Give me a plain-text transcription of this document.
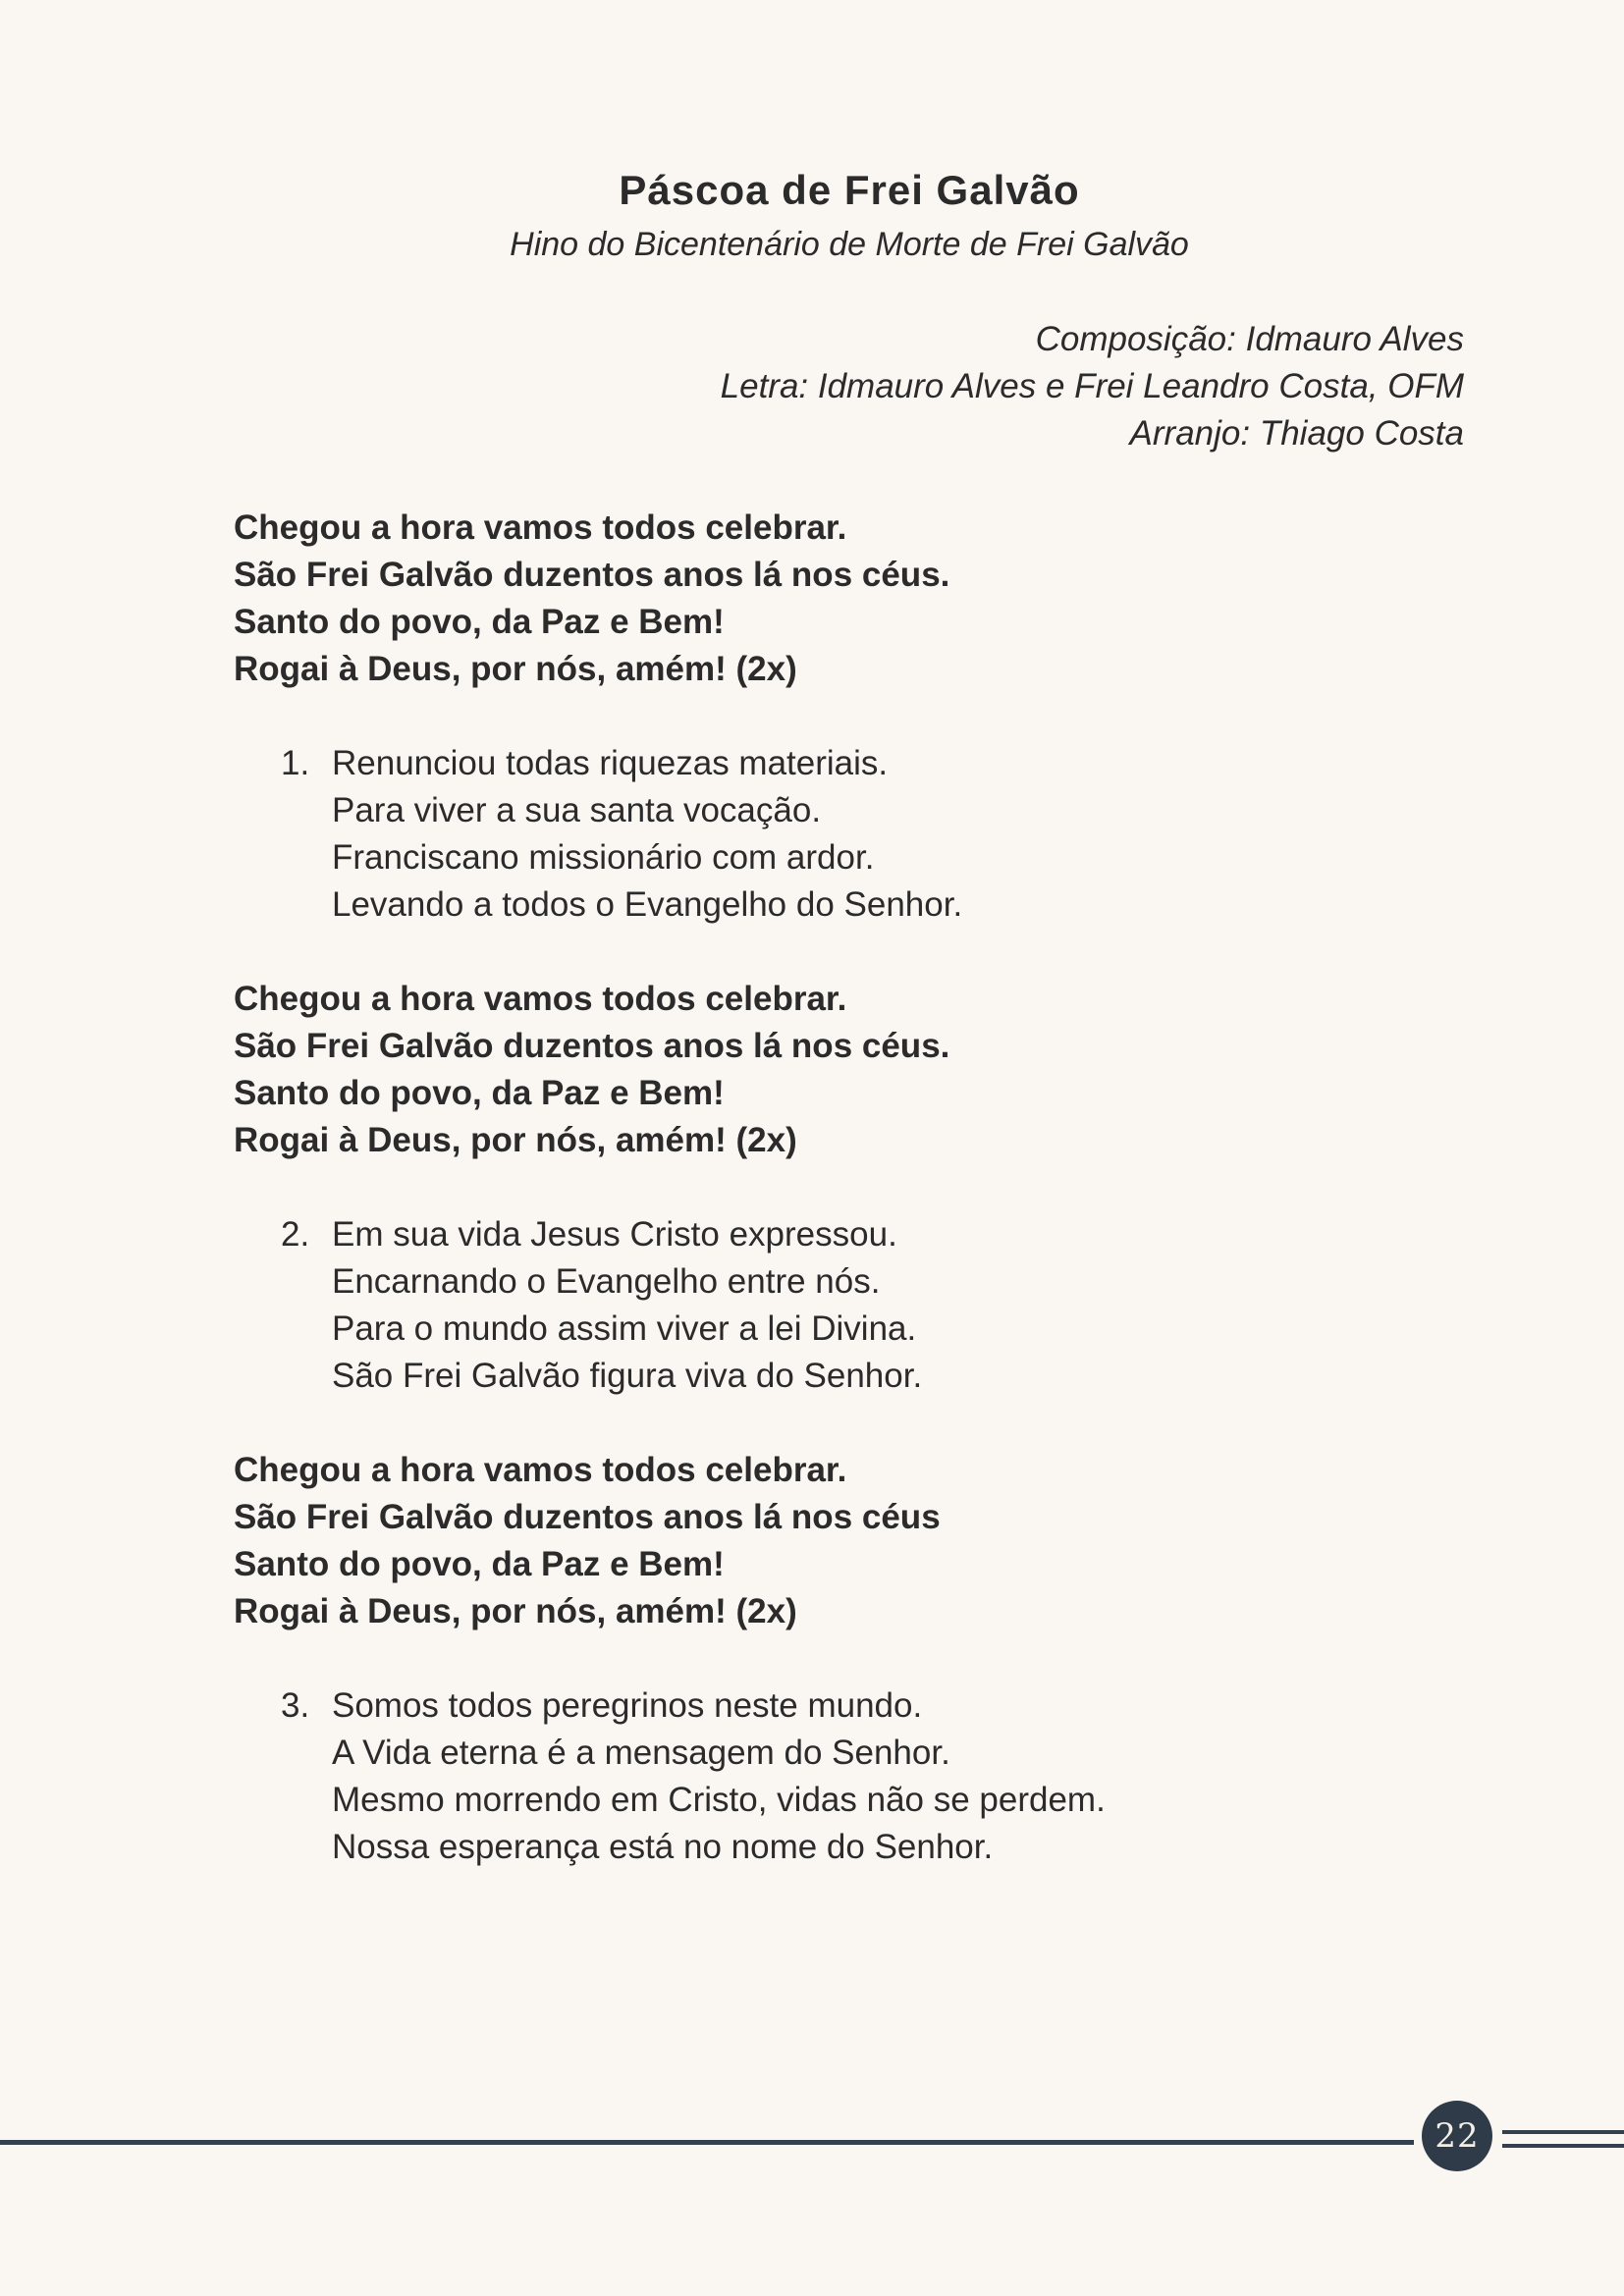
Páscoa de Frei Galvão
Hino do Bicentenário de Morte de Frei Galvão
Composição: Idmauro Alves
Letra: Idmauro Alves e Frei Leandro Costa, OFM
Arranjo: Thiago Costa
Chegou a hora vamos todos celebrar.
São Frei Galvão duzentos anos lá nos céus.
Santo do povo, da Paz e Bem!
Rogai à Deus, por nós, amém! (2x)
1. Renunciou todas riquezas materiais.
Para viver a sua santa vocação.
Franciscano missionário com ardor.
Levando a todos o Evangelho do Senhor.
Chegou a hora vamos todos celebrar.
São Frei Galvão duzentos anos lá nos céus.
Santo do povo, da Paz e Bem!
Rogai à Deus, por nós, amém! (2x)
2. Em sua vida Jesus Cristo expressou.
Encarnando o Evangelho entre nós.
Para o mundo assim viver a lei Divina.
São Frei Galvão figura viva do Senhor.
Chegou a hora vamos todos celebrar.
São Frei Galvão duzentos anos lá nos céus
Santo do povo, da Paz e Bem!
Rogai à Deus, por nós, amém! (2x)
3. Somos todos peregrinos neste mundo.
A Vida eterna é a mensagem do Senhor.
Mesmo morrendo em Cristo, vidas não se perdem.
Nossa esperança está no nome do Senhor.
22
